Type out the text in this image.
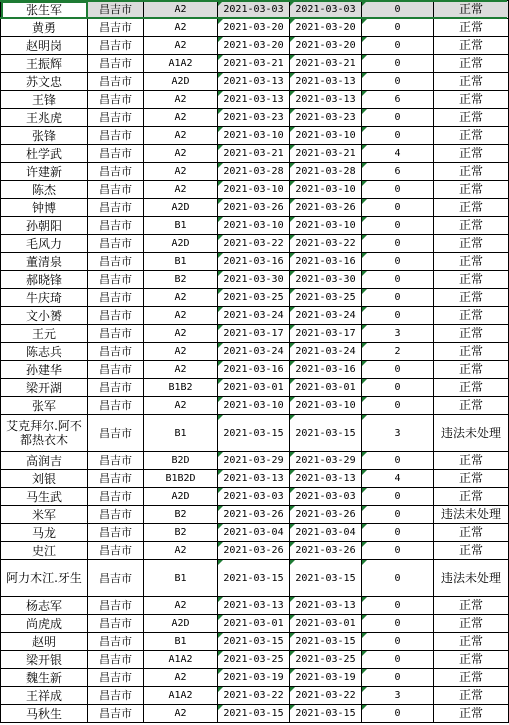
张生军	昌吉市	A2	2021-03-03	2021-03-03	0	正常
黄勇	昌吉市	A2	2021-03-20	2021-03-20	0	正常
赵明岗	昌吉市	A2	2021-03-20	2021-03-20	0	正常
王振辉	昌吉市	A1A2	2021-03-21	2021-03-21	0	正常
苏文忠	昌吉市	A2D	2021-03-13	2021-03-13	0	正常
王锋	昌吉市	A2	2021-03-13	2021-03-13	6	正常
王兆虎	昌吉市	A2	2021-03-23	2021-03-23	0	正常
张锋	昌吉市	A2	2021-03-10	2021-03-10	0	正常
杜学武	昌吉市	A2	2021-03-21	2021-03-21	4	正常
许建新	昌吉市	A2	2021-03-28	2021-03-28	6	正常
陈杰	昌吉市	A2	2021-03-10	2021-03-10	0	正常
钟博	昌吉市	A2D	2021-03-26	2021-03-26	0	正常
孙朝阳	昌吉市	B1	2021-03-10	2021-03-10	0	正常
毛风力	昌吉市	A2D	2021-03-22	2021-03-22	0	正常
董清泉	昌吉市	B1	2021-03-16	2021-03-16	0	正常
郝晓锋	昌吉市	B2	2021-03-30	2021-03-30	0	正常
牛庆琦	昌吉市	A2	2021-03-25	2021-03-25	0	正常
文小赟	昌吉市	A2	2021-03-24	2021-03-24	0	正常
王元	昌吉市	A2	2021-03-17	2021-03-17	3	正常
陈志兵	昌吉市	A2	2021-03-24	2021-03-24	2	正常
孙建华	昌吉市	A2	2021-03-16	2021-03-16	0	正常
梁开湖	昌吉市	B1B2	2021-03-01	2021-03-01	0	正常
张军	昌吉市	A2	2021-03-10	2021-03-10	0	正常
艾克拜尔.阿不都热衣木	昌吉市	B1	2021-03-15	2021-03-15	3	违法未处理
高润吉	昌吉市	B2D	2021-03-29	2021-03-29	0	正常
刘银	昌吉市	B1B2D	2021-03-13	2021-03-13	4	正常
马生武	昌吉市	A2D	2021-03-03	2021-03-03	0	正常
米军	昌吉市	B2	2021-03-26	2021-03-26	0	违法未处理
马龙	昌吉市	B2	2021-03-04	2021-03-04	0	正常
史江	昌吉市	A2	2021-03-26	2021-03-26	0	正常
阿力木江.牙生	昌吉市	B1	2021-03-15	2021-03-15	0	违法未处理
杨志军	昌吉市	A2	2021-03-13	2021-03-13	0	正常
尚虎成	昌吉市	A2D	2021-03-01	2021-03-01	0	正常
赵明	昌吉市	B1	2021-03-15	2021-03-15	0	正常
梁开银	昌吉市	A1A2	2021-03-25	2021-03-25	0	正常
魏生新	昌吉市	A2	2021-03-19	2021-03-19	0	正常
王祥成	昌吉市	A1A2	2021-03-22	2021-03-22	3	正常
马秋生	昌吉市	A2	2021-03-15	2021-03-15	0	正常
